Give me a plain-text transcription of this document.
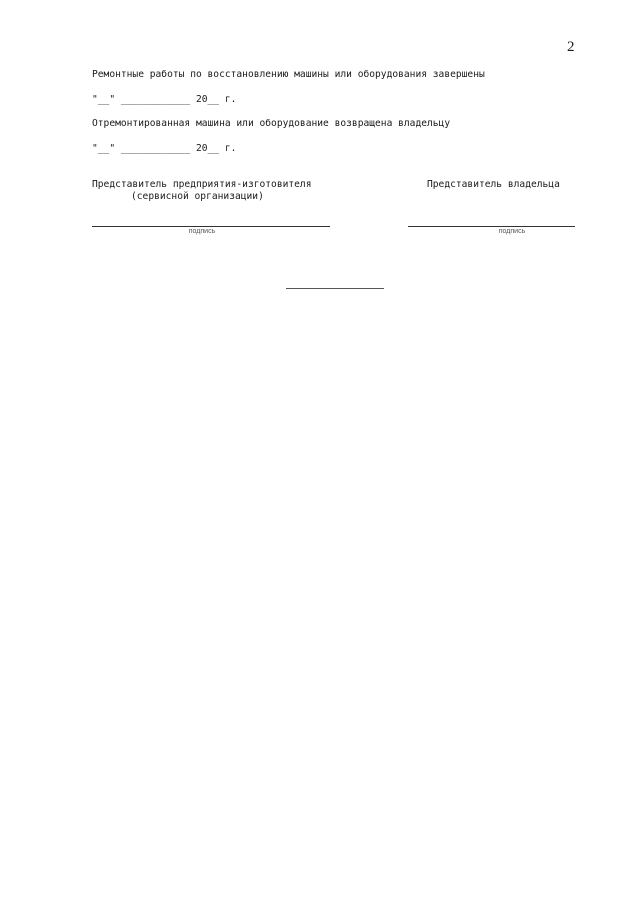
2
Ремонтные работы по восстановлению машины или оборудования завершены
"__" ____________ 20__ г.
Отремонтированная машина или оборудование возвращена владельцу
"__" ____________ 20__ г.
Представитель предприятия-изготовителя
(сервисной организации)
Представитель владельца
подпись	подпись
